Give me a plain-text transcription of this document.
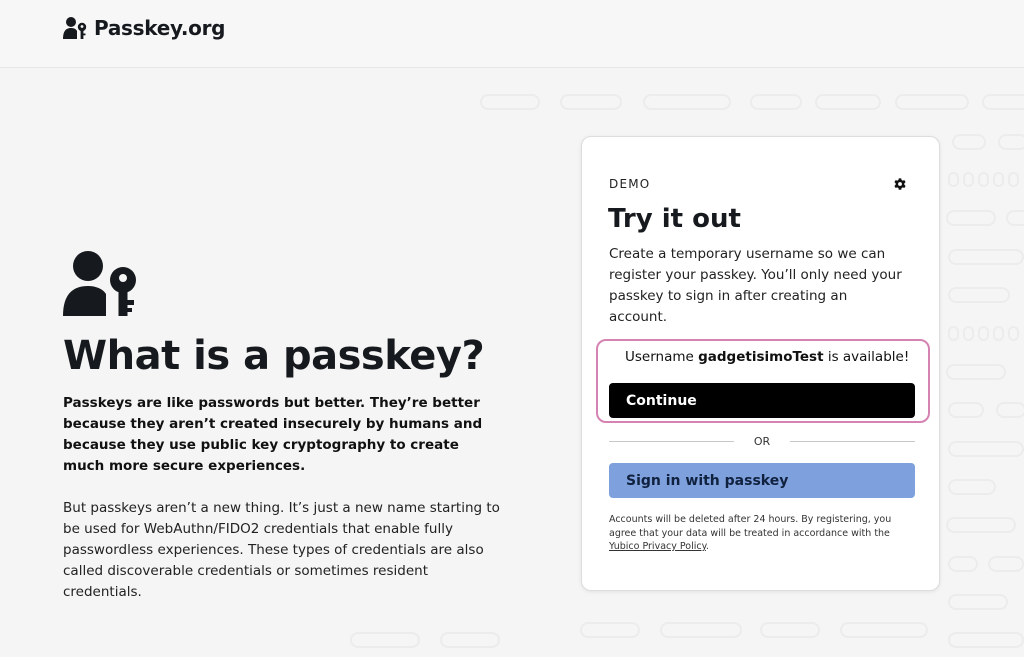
Passkey.org
What is a passkey?

Passkeys are like passwords but better. They’re better because they aren’t created insecurely by humans and because they use public key cryptography to create much more secure experiences.

But passkeys aren’t a new thing. It’s just a new name starting to be used for WebAuthn/FIDO2 credentials that enable fully passwordless experiences. These types of credentials are also called discoverable credentials or sometimes resident credentials.

DEMO
Try it out

Create a temporary username so we can register your passkey. You’ll only need your passkey to sign in after creating an account.

Username gadgetisimoTest is available!
Continue
OR
Sign in with passkey

Accounts will be deleted after 24 hours. By registering, you agree that your data will be treated in accordance with the Yubico Privacy Policy.
